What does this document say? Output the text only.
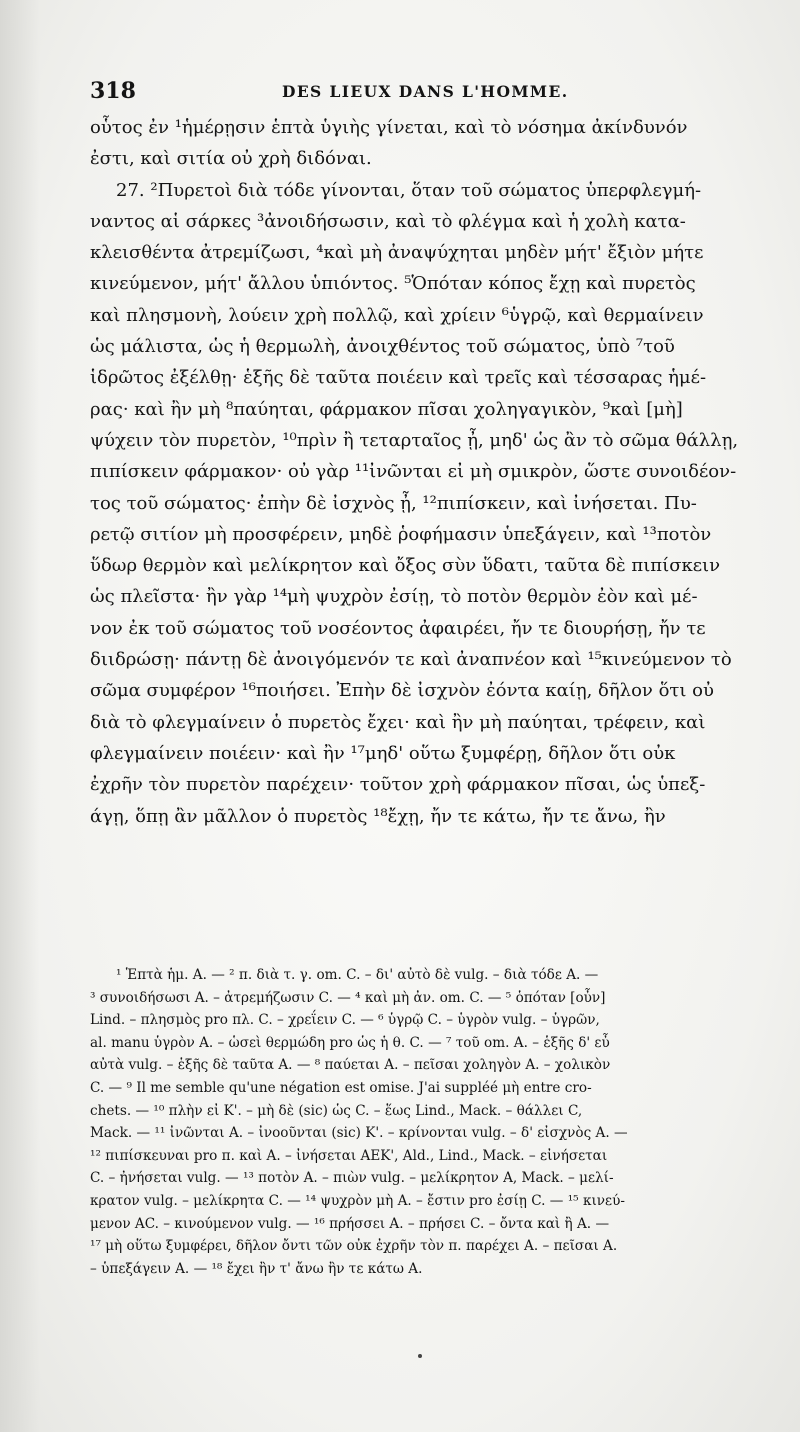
318	DES LIEUX DANS L'HOMME.
οὗτος ἐν ¹ἡμέρῃσιν ἑπτὰ ὑγιὴς γίνεται, καὶ τὸ νόσημα ἀκίνδυνόν
ἐστι, καὶ σιτία οὐ χρὴ διδόναι.
27. ²Πυρετοὶ διὰ τόδε γίνονται, ὅταν τοῦ σώματος ὑπερφλεγμή-
ναντος αἱ σάρκες ³ἀνοιδήσωσιν, καὶ τὸ φλέγμα καὶ ἡ χολὴ κατα-
κλεισθέντα ἀτρεμίζωσι, ⁴καὶ μὴ ἀναψύχηται μηδὲν μήτ' ἔξιὸν μήτε
κινεύμενον, μήτ' ἄλλου ὑπιόντος. ⁵Ὁπόταν κόπος ἔχῃ καὶ πυρετὸς
καὶ πλησμονὴ, λούειν χρὴ πολλῷ, καὶ χρίειν ⁶ὑγρῷ, καὶ θερμαίνειν
ὡς μάλιστα, ὡς ἡ θερμωλὴ, ἀνοιχθέντος τοῦ σώματος, ὑπὸ ⁷τοῦ
ἱδρῶτος ἐξέλθῃ· ἑξῆς δὲ ταῦτα ποιέειν καὶ τρεῖς καὶ τέσσαρας ἡμέ-
ρας· καὶ ἢν μὴ ⁸παύηται, φάρμακον πῖσαι χοληγαγικὸν, ⁹καὶ [μὴ]
ψύχειν τὸν πυρετὸν, ¹⁰πρὶν ἢ τεταρταῖος ᾖ, μηδ' ὡς ἂν τὸ σῶμα θάλλῃ,
πιπίσκειν φάρμακον· οὐ γὰρ ¹¹ἰνῶνται εἰ μὴ σμικρὸν, ὥστε συνοιδέον-
τος τοῦ σώματος· ἐπὴν δὲ ἰσχνὸς ᾖ, ¹²πιπίσκειν, καὶ ἰνήσεται. Πυ-
ρετῷ σιτίον μὴ προσφέρειν, μηδὲ ῥοφήμασιν ὑπεξάγειν, καὶ ¹³ποτὸν
ὕδωρ θερμὸν καὶ μελίκρητον καὶ ὄξος σὺν ὕδατι, ταῦτα δὲ πιπίσκειν
ὡς πλεῖστα· ἢν γὰρ ¹⁴μὴ ψυχρὸν ἐσίῃ, τὸ ποτὸν θερμὸν ἐὸν καὶ μέ-
νον ἐκ τοῦ σώματος τοῦ νοσέοντος ἀφαιρέει, ἤν τε διουρήσῃ, ἤν τε
διιδρώσῃ· πάντῃ δὲ ἀνοιγόμενόν τε καὶ ἀναπνέον καὶ ¹⁵κινεύμενον τὸ
σῶμα συμφέρον ¹⁶ποιήσει. Ἐπὴν δὲ ἰσχνὸν ἐόντα καίῃ, δῆλον ὅτι οὐ
διὰ τὸ φλεγμαίνειν ὁ πυρετὸς ἔχει· καὶ ἢν μὴ παύηται, τρέφειν, καὶ
φλεγμαίνειν ποιέειν· καὶ ἢν ¹⁷μηδ' οὕτω ξυμφέρῃ, δῆλον ὅτι οὐκ
ἐχρῆν τὸν πυρετὸν παρέχειν· τοῦτον χρὴ φάρμακον πῖσαι, ὡς ὑπεξ-
άγῃ, ὅπῃ ἂν μᾶλλον ὁ πυρετὸς ¹⁸ἔχῃ, ἤν τε κάτω, ἤν τε ἄνω, ἢν
¹ Ἑπτὰ ἡμ. A. — ² π. διὰ τ. γ. om. C. – δι' αὐτὸ δὲ vulg. – διὰ τόδε A. —
³ συνοιδήσωσι A. – ἀτρεμήζωσιν C. — ⁴ καὶ μὴ ἀν. om. C. — ⁵ ὁπόταν [οὖν]
Lind. – πλησμὸς pro πλ. C. – χρεΐειν C. — ⁶ ὑγρῷ C. – ὑγρὸν vulg. – ὑγρῶν,
al. manu ὑγρὸν A. – ὡσεὶ θερμώδη pro ὡς ἡ θ. C. — ⁷ τοῦ om. A. – ἑξῆς δ' εὖ
αὐτὰ vulg. – ἑξῆς δὲ ταῦτα A. — ⁸ παύεται A. – πεῖσαι χοληγὸν A. – χολικὸν
C. — ⁹ Il me semble qu'une négation est omise. J'ai suppléé μὴ entre cro-
chets. — ¹⁰ πλὴν εἰ K'. – μὴ δὲ (sic) ὡς C. – ἕως Lind., Mack. – θάλλει C,
Mack. — ¹¹ ἰνῶνται A. – ἰνοοῦνται (sic) K'. – κρίνονται vulg. – δ' εἰσχνὸς A. —
¹² πιπίσκευναι pro π. καὶ A. – ἰνήσεται AEK', Ald., Lind., Mack. – εἰνήσεται
C. – ἠνήσεται vulg. — ¹³ ποτὸν A. – πιὼν vulg. – μελίκρητον A, Mack. – μελί-
κρατον vulg. – μελίκρητα C. — ¹⁴ ψυχρὸν μὴ A. – ἔστιν pro ἐσίῃ C. — ¹⁵ κινεύ-
μενον AC. – κινούμενον vulg. — ¹⁶ πρήσσει A. – πρήσει C. – ὄντα καὶ ἢ A. —
¹⁷ μὴ οὕτω ξυμφέρει, δῆλον ὄντι τῶν οὐκ ἐχρῆν τὸν π. παρέχει A. – πεῖσαι A.
– ὑπεξάγειν A. — ¹⁸ ἔχει ἢν τ' ἄνω ἢν τε κάτω A.
